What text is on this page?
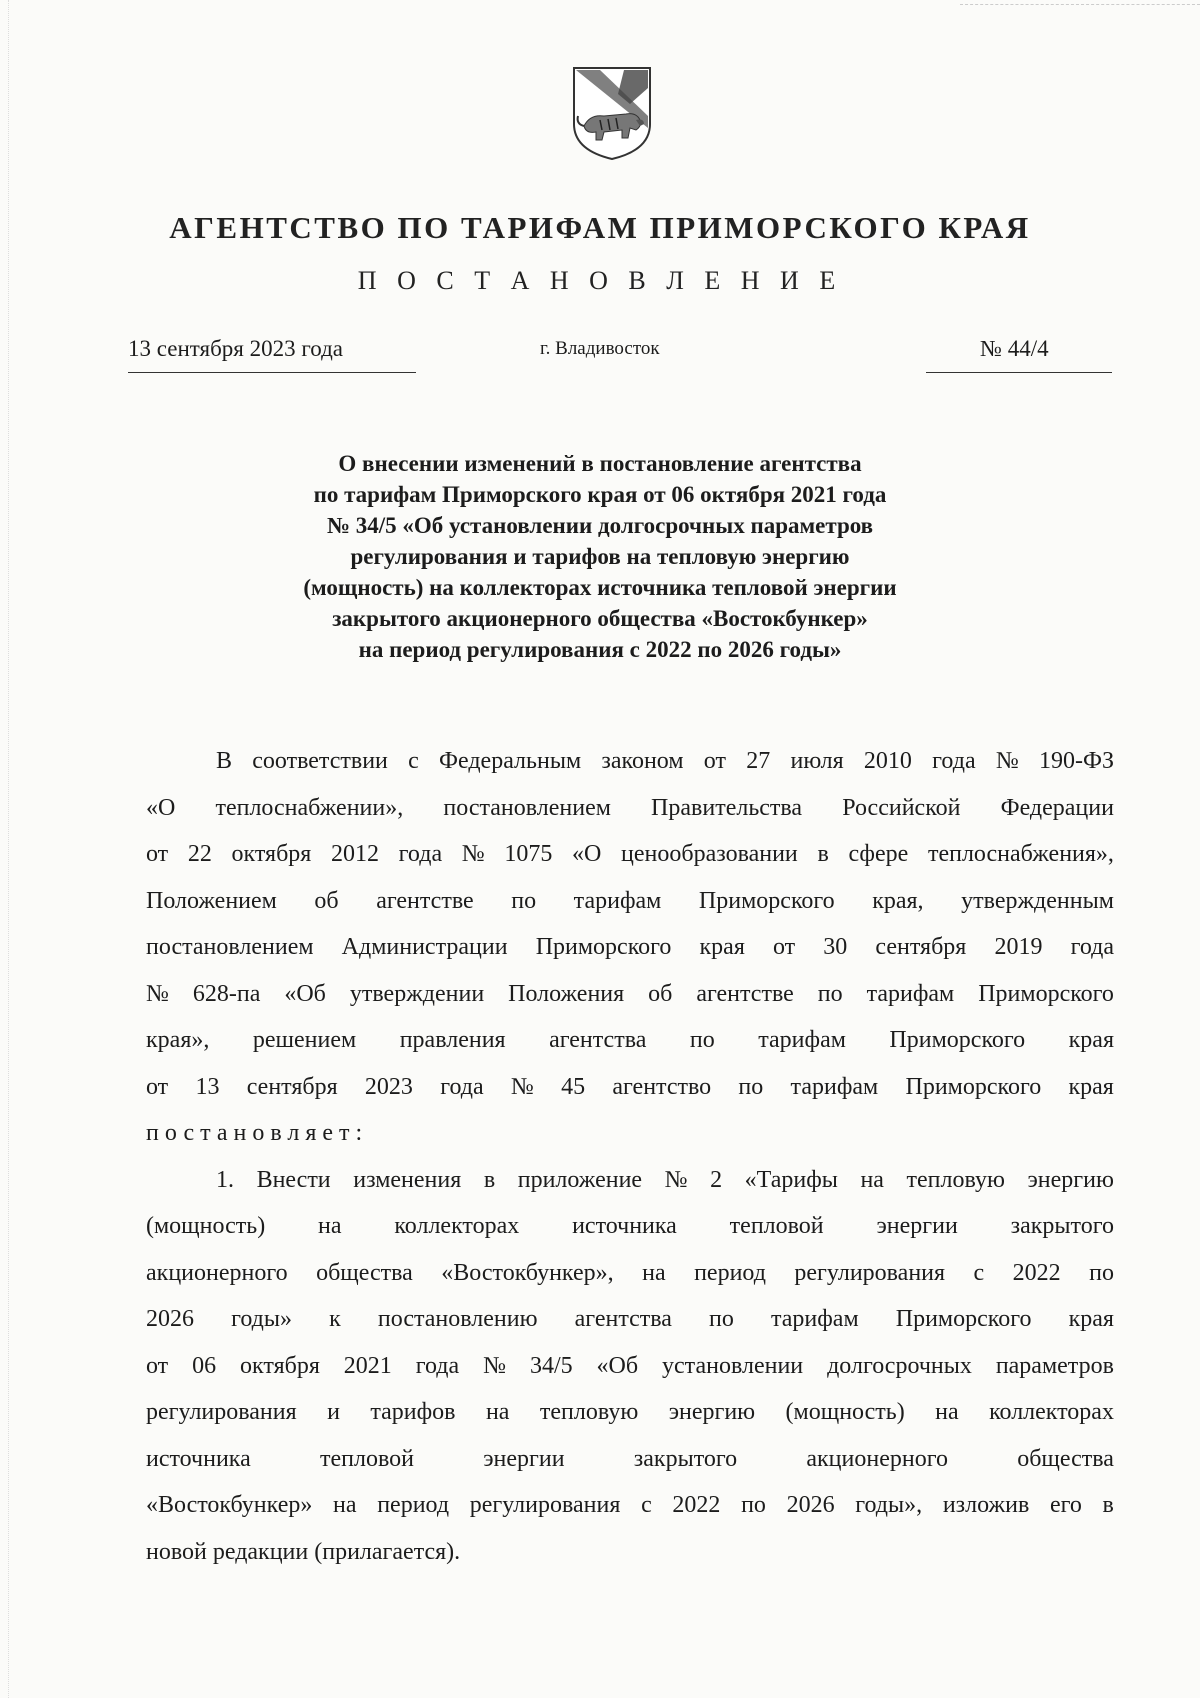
АГЕНТСТВО ПО ТАРИФАМ ПРИМОРСКОГО КРАЯ
П О С Т А Н О В Л Е Н И Е
13 сентября 2023 года	г. Владивосток	№ 44/4
О внесении изменений в постановление агентства
по тарифам Приморского края от 06 октября 2021 года
№ 34/5 «Об установлении долгосрочных параметров
регулирования и тарифов на тепловую энергию
(мощность) на коллекторах источника тепловой энергии
закрытого акционерного общества «Востокбункер»
на период регулирования с 2022 по 2026 годы»
В соответствии с Федеральным законом от 27 июля 2010 года № 190-ФЗ
«О теплоснабжении», постановлением Правительства Российской Федерации
от 22 октября 2012 года № 1075 «О ценообразовании в сфере теплоснабжения»,
Положением об агентстве по тарифам Приморского края, утвержденным
постановлением Администрации Приморского края от 30 сентября 2019 года
№ 628-па «Об утверждении Положения об агентстве по тарифам Приморского
края», решением правления агентства по тарифам Приморского края
от 13 сентября 2023 года № 45 агентство по тарифам Приморского края
постановляет:
1. Внести изменения в приложение № 2 «Тарифы на тепловую энергию
(мощность) на коллекторах источника тепловой энергии закрытого
акционерного общества «Востокбункер», на период регулирования с 2022 по
2026 годы» к постановлению агентства по тарифам Приморского края
от 06 октября 2021 года № 34/5 «Об установлении долгосрочных параметров
регулирования и тарифов на тепловую энергию (мощность) на коллекторах
источника	тепловой	энергии	закрытого	акционерного	общества
«Востокбункер» на период регулирования с 2022 по 2026 годы», изложив его в
новой редакции (прилагается).
